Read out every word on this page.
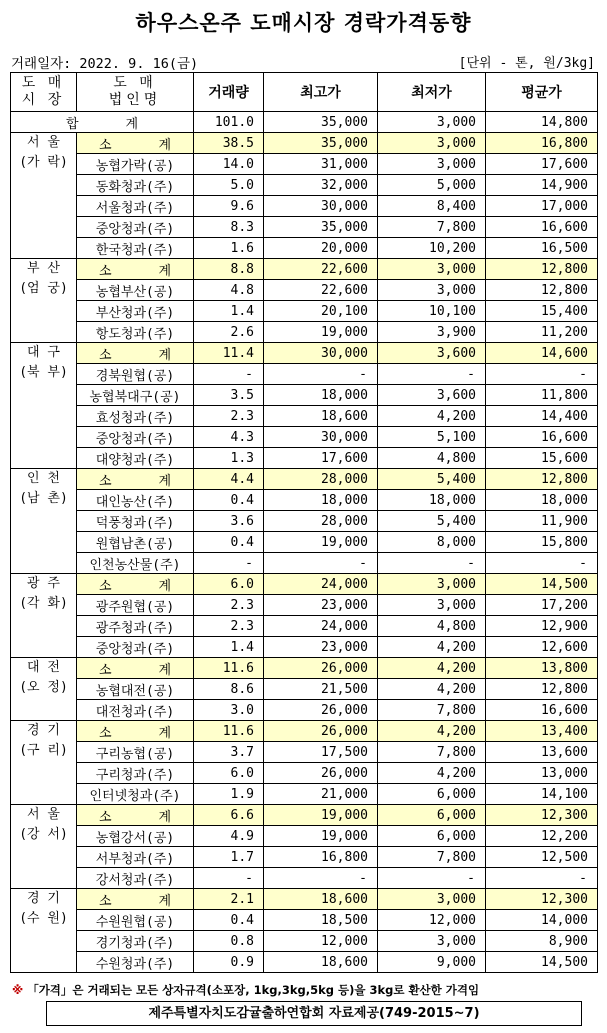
하우스온주 도매시장 경락가격동향
거래일자: 2022. 9. 16(금)	[단위 - 톤, 원/3kg]
도 매
시 장	도 매
법인명	거래량	최고가	최저가	평균가
합      계		101.0	35,000	3,000	14,800
서 울
(가 락)	소      계	38.5	35,000	3,000	16,800
	농협가락(공)	14.0	31,000	3,000	17,600
	동화청과(주)	5.0	32,000	5,000	14,900
	서울청과(주)	9.6	30,000	8,400	17,000
	중앙청과(주)	8.3	35,000	7,800	16,600
	한국청과(주)	1.6	20,000	10,200	16,500
부 산
(엄 궁)	소      계	8.8	22,600	3,000	12,800
	농협부산(공)	4.8	22,600	3,000	12,800
	부산청과(주)	1.4	20,100	10,100	15,400
	항도청과(주)	2.6	19,000	3,900	11,200
대 구
(북 부)	소      계	11.4	30,000	3,600	14,600
	경북원협(공)	-	-	-	-
	농협북대구(공)	3.5	18,000	3,600	11,800
	효성청과(주)	2.3	18,600	4,200	14,400
	중앙청과(주)	4.3	30,000	5,100	16,600
	대양청과(주)	1.3	17,600	4,800	15,600
인 천
(남 촌)	소      계	4.4	28,000	5,400	12,800
	대인농산(주)	0.4	18,000	18,000	18,000
	덕풍청과(주)	3.6	28,000	5,400	11,900
	원협남촌(공)	0.4	19,000	8,000	15,800
	인천농산물(주)	-	-	-	-
광 주
(각 화)	소      계	6.0	24,000	3,000	14,500
	광주원협(공)	2.3	23,000	3,000	17,200
	광주청과(주)	2.3	24,000	4,800	12,900
	중앙청과(주)	1.4	23,000	4,200	12,600
대 전
(오 정)	소      계	11.6	26,000	4,200	13,800
	농협대전(공)	8.6	21,500	4,200	12,800
	대전청과(주)	3.0	26,000	7,800	16,600
경 기
(구 리)	소      계	11.6	26,000	4,200	13,400
	구리농협(공)	3.7	17,500	7,800	13,600
	구리청과(주)	6.0	26,000	4,200	13,000
	인터넷청과(주)	1.9	21,000	6,000	14,100
서 울
(강 서)	소      계	6.6	19,000	6,000	12,300
	농협강서(공)	4.9	19,000	6,000	12,200
	서부청과(주)	1.7	16,800	7,800	12,500
	강서청과(주)	-	-	-	-
경 기
(수 원)	소      계	2.1	18,600	3,000	12,300
	수원원협(공)	0.4	18,500	12,000	14,000
	경기청과(주)	0.8	12,000	3,000	8,900
	수원청과(주)	0.9	18,600	9,000	14,500
※ 「가격」은 거래되는 모든 상자규격(소포장, 1kg,3kg,5kg 등)을 3kg로 환산한 가격임
제주특별자치도감귤출하연합회 자료제공(749-2015~7)
